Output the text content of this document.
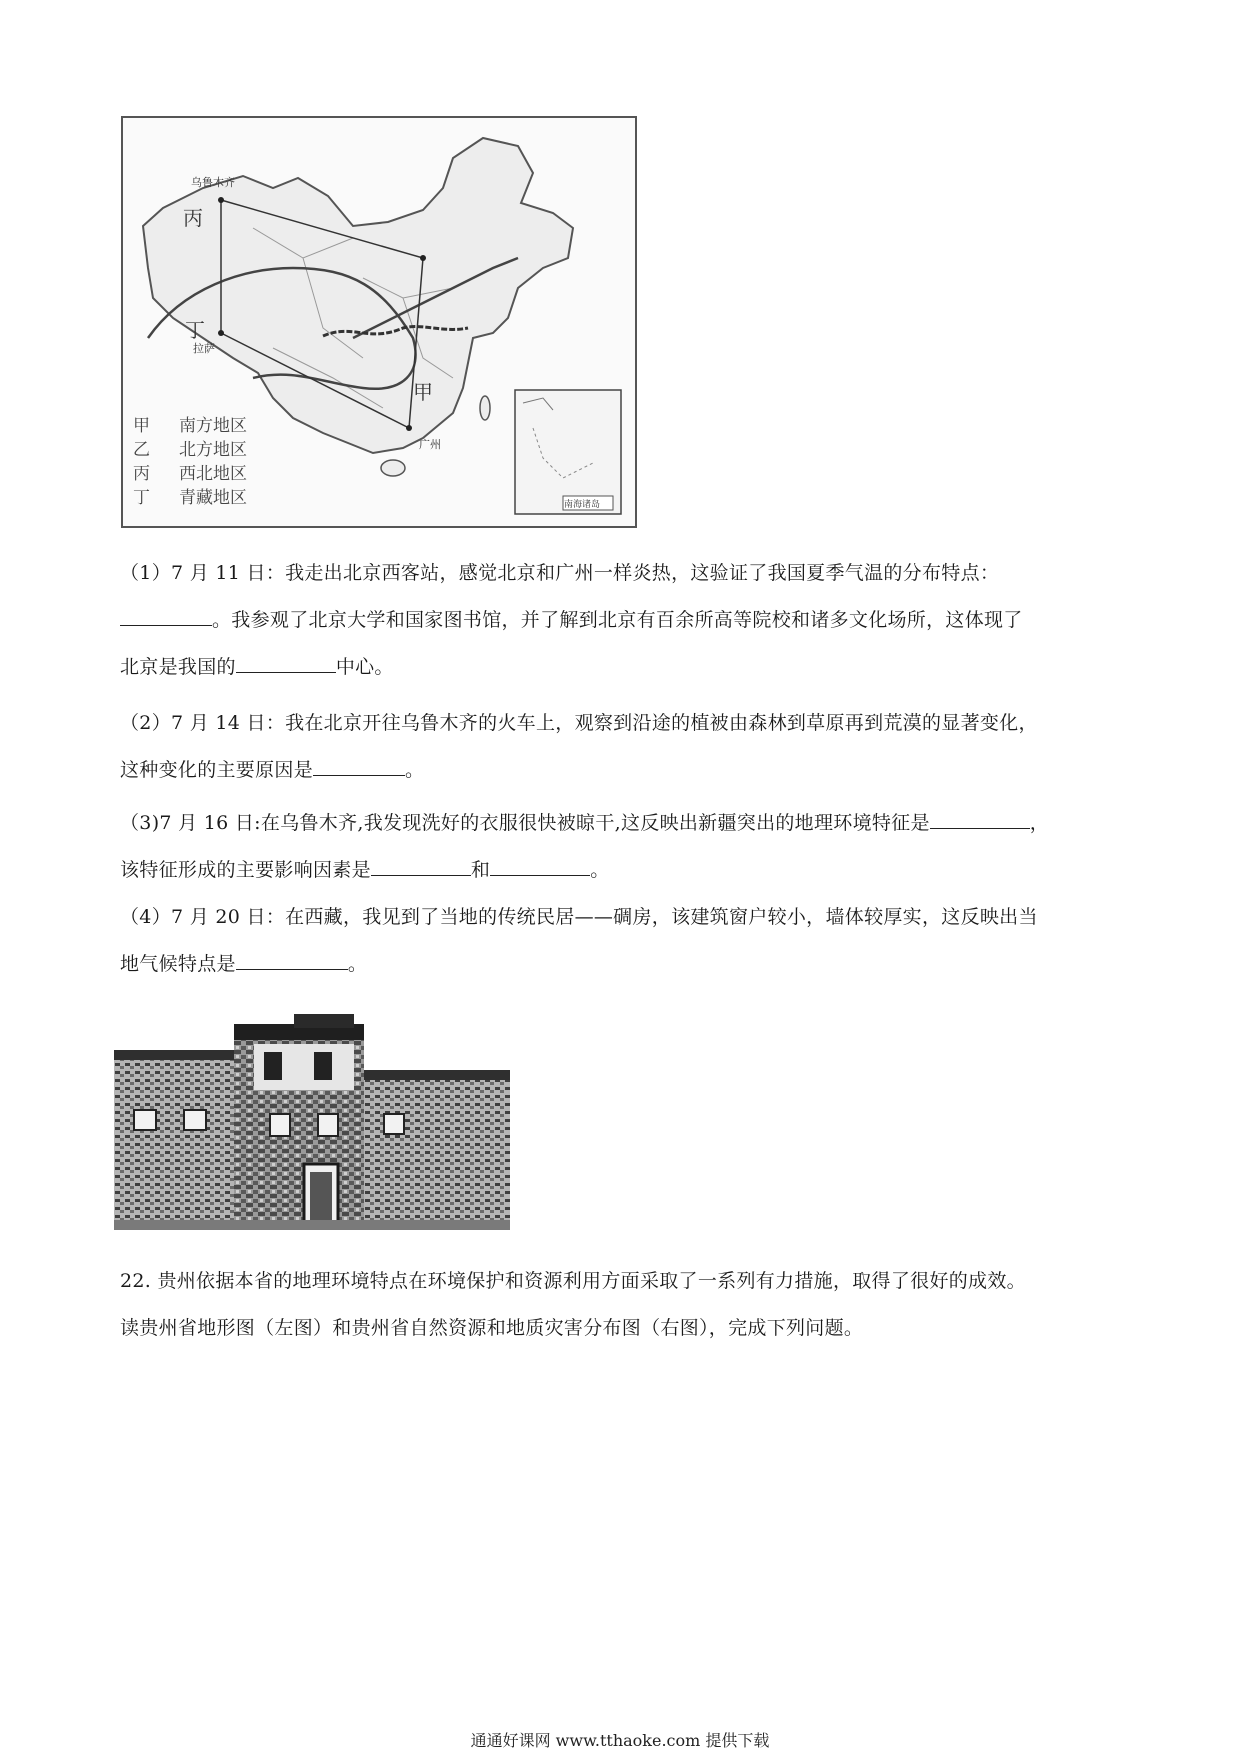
乌鲁木齐
拉萨
广州
南海诸岛
丙
丁
甲
甲 南方地区
乙 北方地区
丙 西北地区
丁 青藏地区
（1）7 月 11 日：我走出北京西客站，感觉北京和广州一样炎热，这验证了我国夏季气温的分布特点：
。我参观了北京大学和国家图书馆，并了解到北京有百余所高等院校和诸多文化场所，这体现了
北京是我国的	中心。
（2）7 月 14 日：我在北京开往乌鲁木齐的火车上，观察到沿途的植被由森林到草原再到荒漠的显著变化，
这种变化的主要原因是	。
（3)7 月 16 日:在乌鲁木齐,我发现洗好的衣服很快被晾干,这反映出新疆突出的地理环境特征是	，
该特征形成的主要影响因素是	和	。
（4）7 月 20 日：在西藏，我见到了当地的传统民居——碉房，该建筑窗户较小，墙体较厚实，这反映出当
地气候特点是	。
22. 贵州依据本省的地理环境特点在环境保护和资源利用方面采取了一系列有力措施，取得了很好的成效。
读贵州省地形图（左图）和贵州省自然资源和地质灾害分布图（右图），完成下列问题。
通通好课网 www.tthaoke.com 提供下载
